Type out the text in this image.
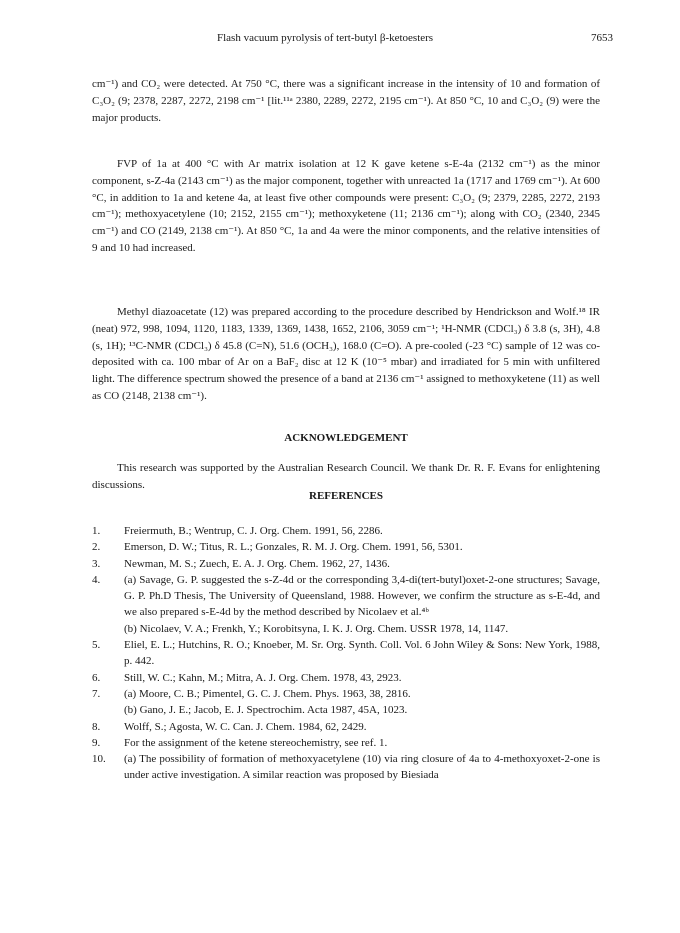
Flash vacuum pyrolysis of tert-butyl β-ketoesters	7653

cm⁻¹) and CO₂ were detected. At 750 °C, there was a significant increase in the intensity of 10 and formation of C₃O₂ (9; 2378, 2287, 2272, 2198 cm⁻¹ [lit.¹¹ᵃ 2380, 2289, 2272, 2195 cm⁻¹). At 850 °C, 10 and C₃O₂ (9) were the major products.

FVP of 1a at 400 °C with Ar matrix isolation at 12 K gave ketene s-E-4a (2132 cm⁻¹) as the minor component, s-Z-4a (2143 cm⁻¹) as the major component, together with unreacted 1a (1717 and 1769 cm⁻¹). At 600 °C, in addition to 1a and ketene 4a, at least five other compounds were present: C₃O₂ (9; 2379, 2285, 2272, 2193 cm⁻¹); methoxyacetylene (10; 2152, 2155 cm⁻¹); methoxyketene (11; 2136 cm⁻¹); along with CO₂ (2340, 2345 cm⁻¹) and CO (2149, 2138 cm⁻¹). At 850 °C, 1a and 4a were the minor components, and the relative intensities of 9 and 10 had increased.

Methyl diazoacetate (12) was prepared according to the procedure described by Hendrickson and Wolf.¹⁸ IR (neat) 972, 998, 1094, 1120, 1183, 1339, 1369, 1438, 1652, 2106, 3059 cm⁻¹; ¹H-NMR (CDCl₃) δ 3.8 (s, 3H), 4.8 (s, 1H); ¹³C-NMR (CDCl₃) δ 45.8 (C=N), 51.6 (OCH₃), 168.0 (C=O). A pre-cooled (-23 °C) sample of 12 was co-deposited with ca. 100 mbar of Ar on a BaF₂ disc at 12 K (10⁻⁵ mbar) and irradiated for 5 min with unfiltered light. The difference spectrum showed the presence of a band at 2136 cm⁻¹ assigned to methoxyketene (11) as well as CO (2148, 2138 cm⁻¹).

ACKNOWLEDGEMENT

This research was supported by the Australian Research Council. We thank Dr. R. F. Evans for enlightening discussions.

REFERENCES
1. Freiermuth, B.; Wentrup, C. J. Org. Chem. 1991, 56, 2286.
2. Emerson, D. W.; Titus, R. L.; Gonzales, R. M. J. Org. Chem. 1991, 56, 5301.
3. Newman, M. S.; Zuech, E. A. J. Org. Chem. 1962, 27, 1436.
4. (a) Savage, G. P. suggested the s-Z-4d or the corresponding 3,4-di(tert-butyl)oxet-2-one structures; Savage, G. P. Ph.D Thesis, The University of Queensland, 1988. However, we confirm the structure as s-E-4d, and we also prepared s-E-4d by the method described by Nicolaev et al.⁴ᵇ
(b) Nicolaev, V. A.; Frenkh, Y.; Korobitsyna, I. K. J. Org. Chem. USSR 1978, 14, 1147.
5. Eliel, E. L.; Hutchins, R. O.; Knoeber, M. Sr. Org. Synth. Coll. Vol. 6 John Wiley & Sons: New York, 1988, p. 442.
6. Still, W. C.; Kahn, M.; Mitra, A. J. Org. Chem. 1978, 43, 2923.
7. (a) Moore, C. B.; Pimentel, G. C. J. Chem. Phys. 1963, 38, 2816.
(b) Gano, J. E.; Jacob, E. J. Spectrochim. Acta 1987, 45A, 1023.
8. Wolff, S.; Agosta, W. C. Can. J. Chem. 1984, 62, 2429.
9. For the assignment of the ketene stereochemistry, see ref. 1.
10. (a) The possibility of formation of methoxyacetylene (10) via ring closure of 4a to 4-methoxyoxet-2-one is under active investigation. A similar reaction was proposed by Biesiada
